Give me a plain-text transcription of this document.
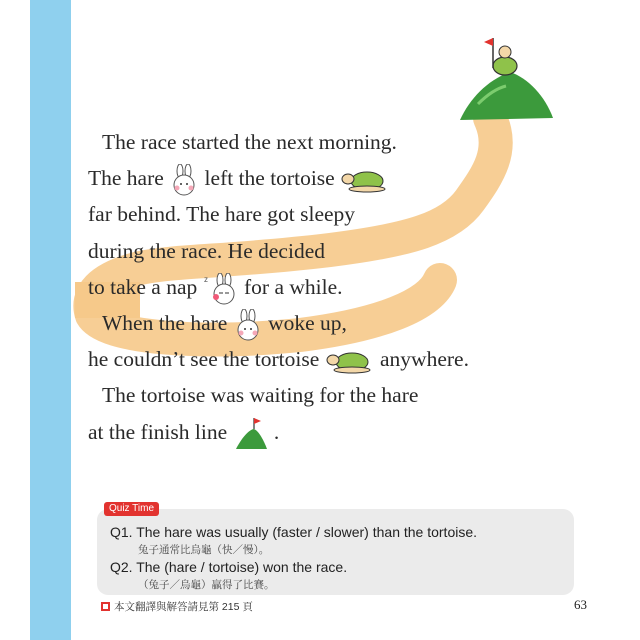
The race started the next morning.
The hare left the tortoise
far behind. The hare got sleepy
during the race. He decided
to take a nap z for a while.
When the hare woke up,
he couldn’t see the tortoise	anywhere.
The tortoise was waiting for the hare
at the finish line .
Q1. The hare was usually (faster / slower) than the tortoise.
兔子通常比烏龜（快／慢）。
Q2. The (hare / tortoise) won the race.
（兔子／烏龜）贏得了比賽。
Quiz Time
本文翻譯與解答請見第 215 頁	63
